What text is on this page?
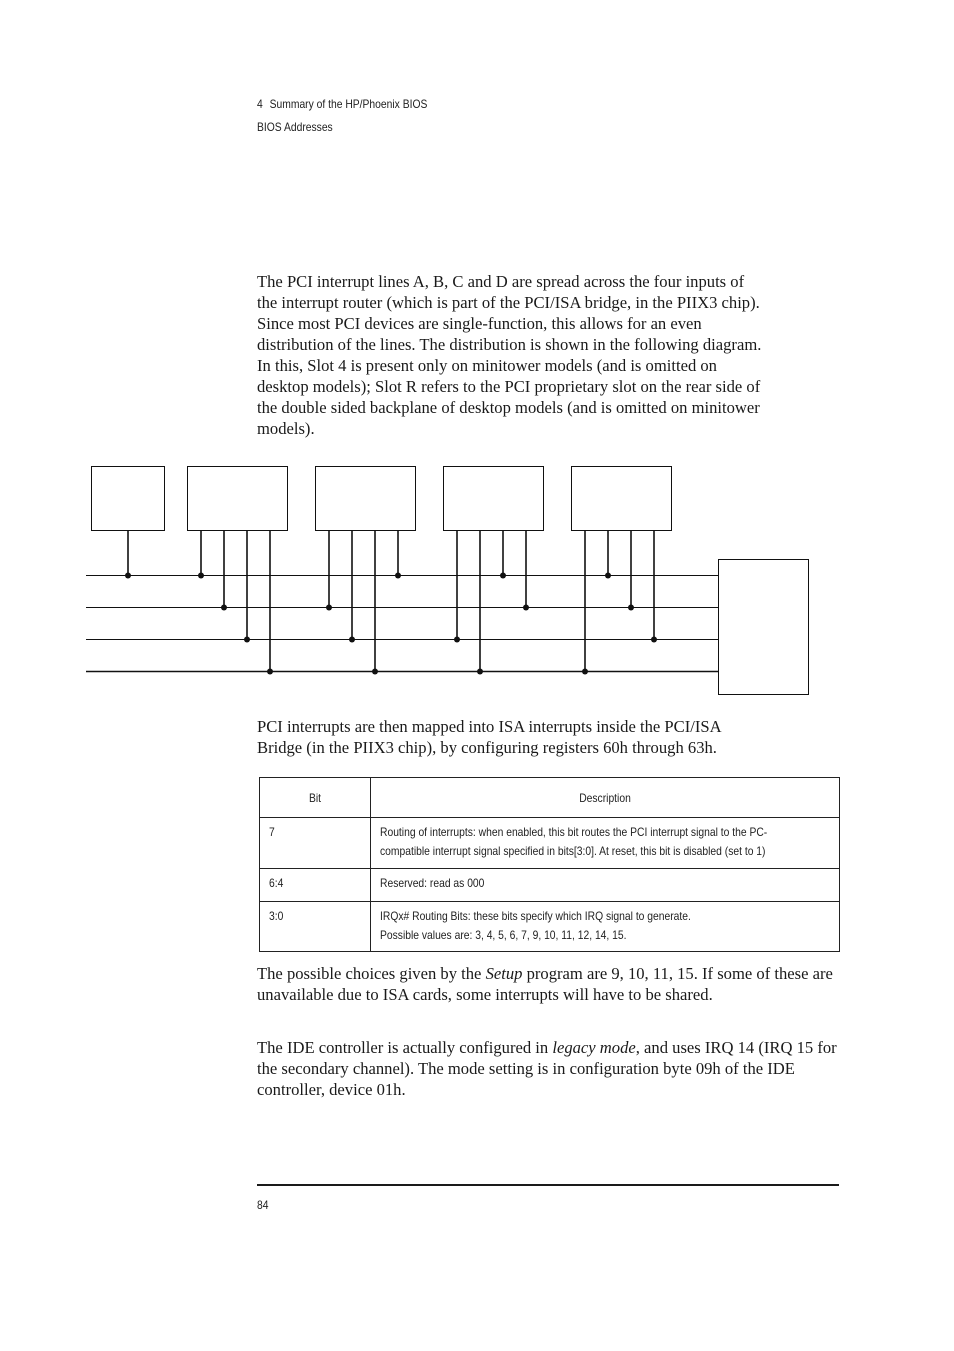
4 Summary of the HP/Phoenix BIOS
BIOS Addresses
The PCI interrupt lines A, B, C and D are spread across the four inputs of
the interrupt router (which is part of the PCI/ISA bridge, in the PIIX3 chip).
Since most PCI devices are single-function, this allows for an even
distribution of the lines. The distribution is shown in the following diagram.
In this, Slot 4 is present only on minitower models (and is omitted on
desktop models); Slot R refers to the PCI proprietary slot on the rear side of
the double sided backplane of desktop models (and is omitted on minitower
models).
PCI interrupts are then mapped into ISA interrupts inside the PCI/ISA
Bridge (in the PIIX3 chip), by configuring registers 60h through 63h.
Bit	Description
7	Routing of interrupts: when enabled, this bit routes the PCI interrupt signal to the PC-
compatible interrupt signal specified in bits[3:0]. At reset, this bit is disabled (set to 1)

6:4	Reserved: read as 000

3:0	IRQx# Routing Bits: these bits specify which IRQ signal to generate.
Possible values are: 3, 4, 5, 6, 7, 9, 10, 11, 12, 14, 15.
The possible choices given by the Setup program are 9, 10, 11, 15. If some of these are unavailable due to ISA cards, some interrupts will have to be shared.
The IDE controller is actually configured in legacy mode, and uses IRQ 14 (IRQ 15 for the secondary channel). The mode setting is in configuration byte 09h of the IDE controller, device 01h.
84
